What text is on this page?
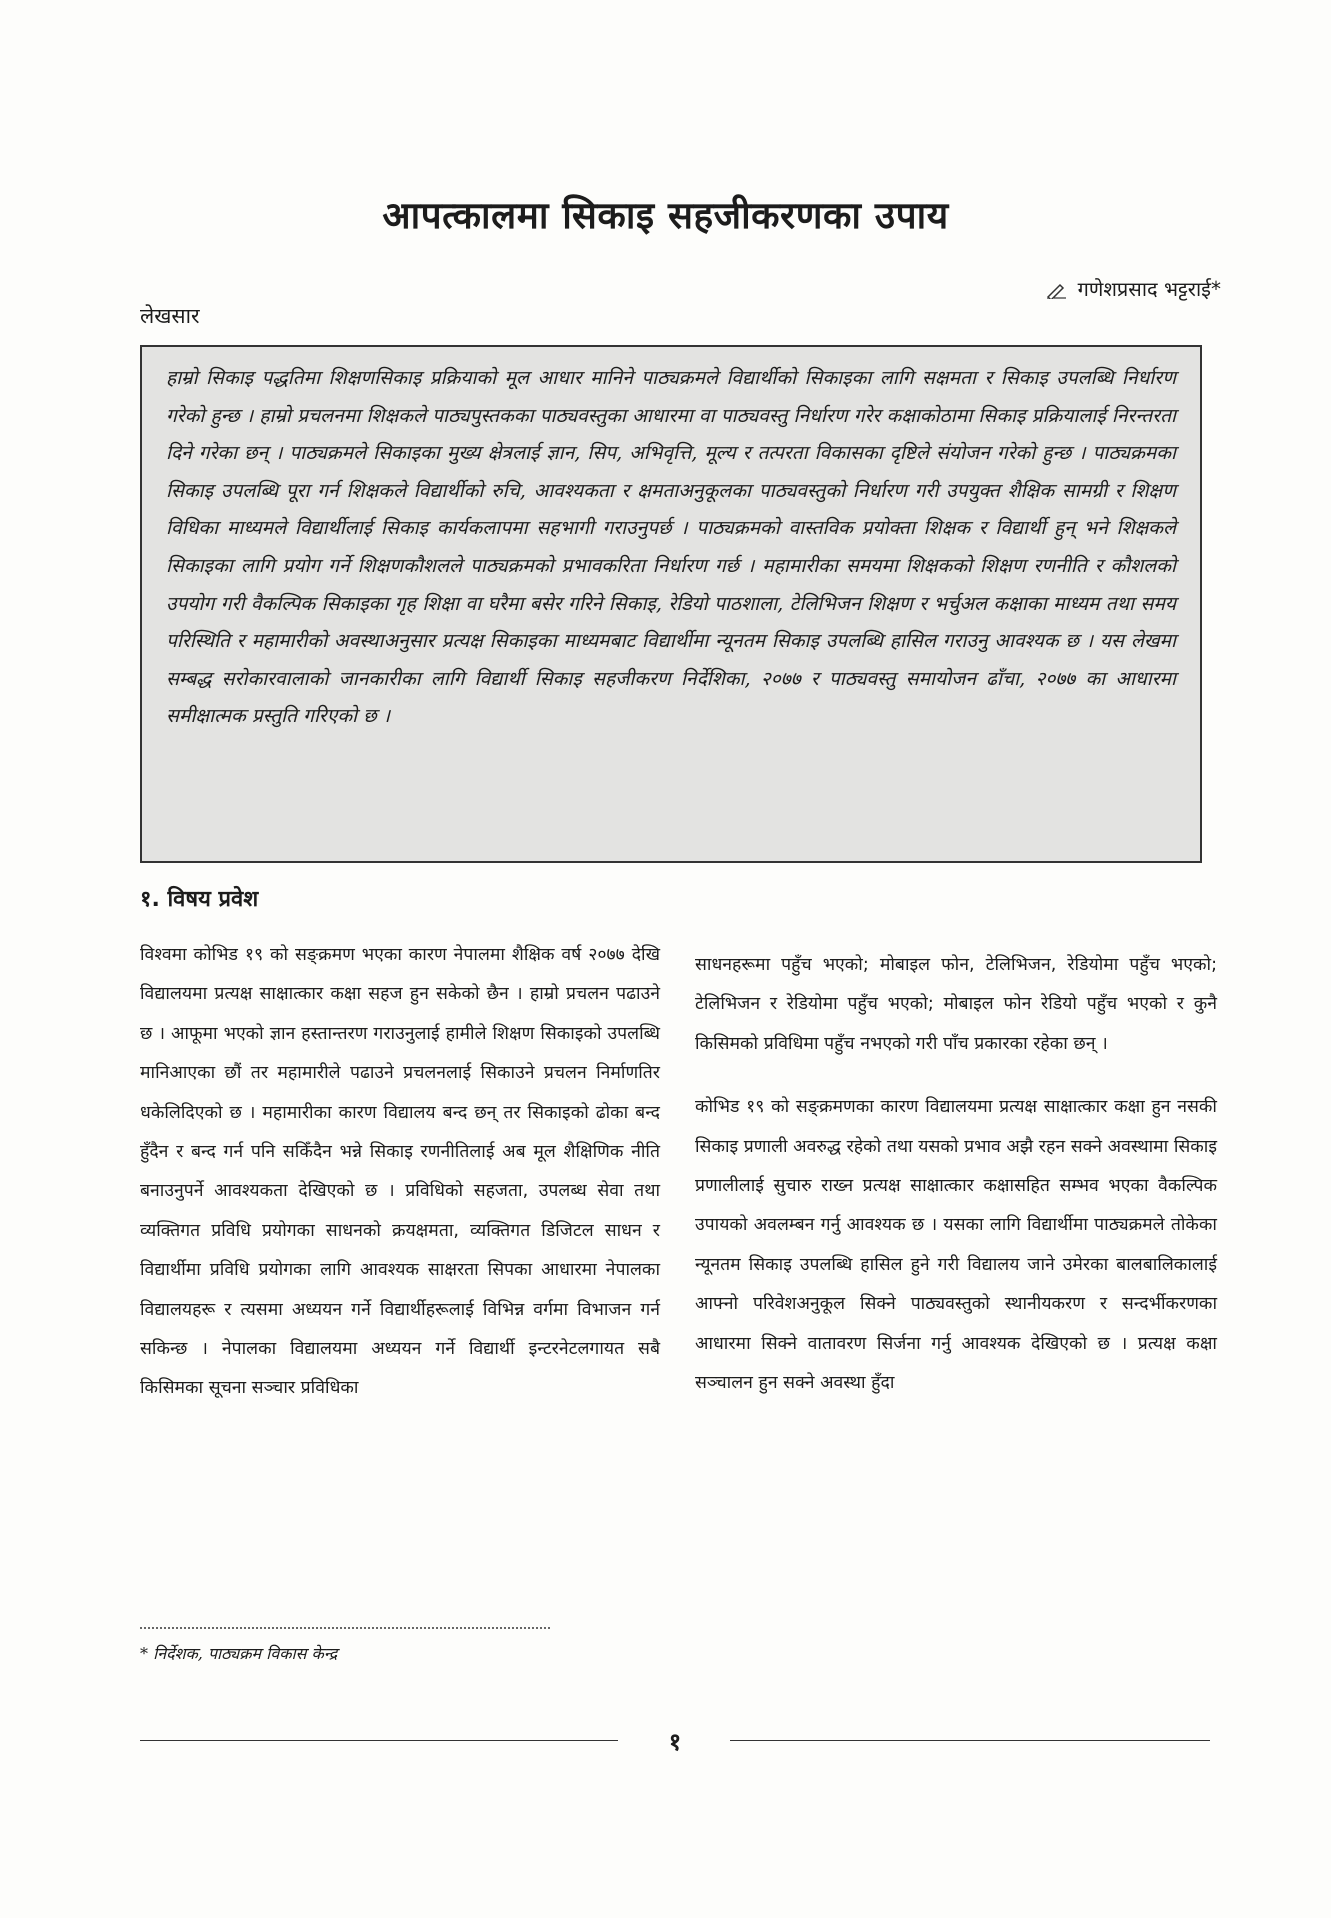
आपत्कालमा सिकाइ सहजीकरणका उपाय
गणेशप्रसाद भट्टराई*
लेखसार

हाम्रो सिकाइ पद्धतिमा शिक्षणसिकाइ प्रक्रियाको मूल आधार मानिने पाठ्यक्रमले विद्यार्थीको सिकाइका लागि सक्षमता र सिकाइ उपलब्धि निर्धारण गरेको हुन्छ । हाम्रो प्रचलनमा शिक्षकले पाठ्यपुस्तकका पाठ्यवस्तुका आधारमा वा पाठ्यवस्तु निर्धारण गरेर कक्षाकोठामा सिकाइ प्रक्रियालाई निरन्तरता दिने गरेका छन् । पाठ्यक्रमले सिकाइका मुख्य क्षेत्रलाई ज्ञान, सिप, अभिवृत्ति, मूल्य र तत्परता विकासका दृष्टिले संयोजन गरेको हुन्छ । पाठ्यक्रमका सिकाइ उपलब्धि पूरा गर्न शिक्षकले विद्यार्थीको रुचि, आवश्यकता र क्षमताअनुकूलका पाठ्यवस्तुको निर्धारण गरी उपयुक्त शैक्षिक सामग्री र शिक्षण विधिका माध्यमले विद्यार्थीलाई सिकाइ कार्यकलापमा सहभागी गराउनुपर्छ । पाठ्यक्रमको वास्तविक प्रयोक्ता शिक्षक र विद्यार्थी हुन् भने शिक्षकले सिकाइका लागि प्रयोग गर्ने शिक्षणकौशलले पाठ्यक्रमको प्रभावकरिता निर्धारण गर्छ । महामारीका समयमा शिक्षकको शिक्षण रणनीति र कौशलको उपयोग गरी वैकल्पिक सिकाइका गृह शिक्षा वा घरैमा बसेर गरिने सिकाइ, रेडियो पाठशाला, टेलिभिजन शिक्षण र भर्चुअल कक्षाका माध्यम तथा समय परिस्थिति र महामारीको अवस्थाअनुसार प्रत्यक्ष सिकाइका माध्यमबाट विद्यार्थीमा न्यूनतम सिकाइ उपलब्धि हासिल गराउनु आवश्यक छ । यस लेखमा सम्बद्ध सरोकारवालाको जानकारीका लागि विद्यार्थी सिकाइ सहजीकरण निर्देशिका, २०७७ र पाठ्यवस्तु समायोजन ढाँचा, २०७७ का आधारमा समीक्षात्मक प्रस्तुति गरिएको छ ।

१. विषय प्रवेश

विश्वमा कोभिड १९ को सङ्क्रमण भएका कारण नेपालमा शैक्षिक वर्ष २०७७ देखि विद्यालयमा प्रत्यक्ष साक्षात्कार कक्षा सहज हुन सकेको छैन । हाम्रो प्रचलन पढाउने छ । आफूमा भएको ज्ञान हस्तान्तरण गराउनुलाई हामीले शिक्षण सिकाइको उपलब्धि मानिआएका छौं तर महामारीले पढाउने प्रचलनलाई सिकाउने प्रचलन निर्माणतिर धकेलिदिएको छ । महामारीका कारण विद्यालय बन्द छन् तर सिकाइको ढोका बन्द हुँदैन र बन्द गर्न पनि सकिँदैन भन्ने सिकाइ रणनीतिलाई अब मूल शैक्षिणिक नीति बनाउनुपर्ने आवश्यकता देखिएको छ । प्रविधिको सहजता, उपलब्ध सेवा तथा व्यक्तिगत प्रविधि प्रयोगका साधनको क्रयक्षमता, व्यक्तिगत डिजिटल साधन र विद्यार्थीमा प्रविधि प्रयोगका लागि आवश्यक साक्षरता सिपका आधारमा नेपालका विद्यालयहरू र त्यसमा अध्ययन गर्ने विद्यार्थीहरूलाई विभिन्न वर्गमा विभाजन गर्न सकिन्छ । नेपालका विद्यालयमा अध्ययन गर्ने विद्यार्थी इन्टरनेटलगायत सबै किसिमका सूचना सञ्चार प्रविधिका

साधनहरूमा पहुँच भएको; मोबाइल फोन, टेलिभिजन, रेडियोमा पहुँच भएको; टेलिभिजन र रेडियोमा पहुँच भएको; मोबाइल फोन रेडियो पहुँच भएको र कुनै किसिमको प्रविधिमा पहुँच नभएको गरी पाँच प्रकारका रहेका छन् ।

कोभिड १९ को सङ्क्रमणका कारण विद्यालयमा प्रत्यक्ष साक्षात्कार कक्षा हुन नसकी सिकाइ प्रणाली अवरुद्ध रहेको तथा यसको प्रभाव अझै रहन सक्ने अवस्थामा सिकाइ प्रणालीलाई सुचारु राख्न प्रत्यक्ष साक्षात्कार कक्षासहित सम्भव भएका वैकल्पिक उपायको अवलम्बन गर्नु आवश्यक छ । यसका लागि विद्यार्थीमा पाठ्यक्रमले तोकेका न्यूनतम सिकाइ उपलब्धि हासिल हुने गरी विद्यालय जाने उमेरका बालबालिकालाई आफ्नो परिवेशअनुकूल सिक्ने पाठ्यवस्तुको स्थानीयकरण र सन्दर्भीकरणका आधारमा सिक्ने वातावरण सिर्जना गर्नु आवश्यक देखिएको छ । प्रत्यक्ष कक्षा सञ्चालन हुन सक्ने अवस्था हुँदा

* निर्देशक, पाठ्यक्रम विकास केन्द्र
१
